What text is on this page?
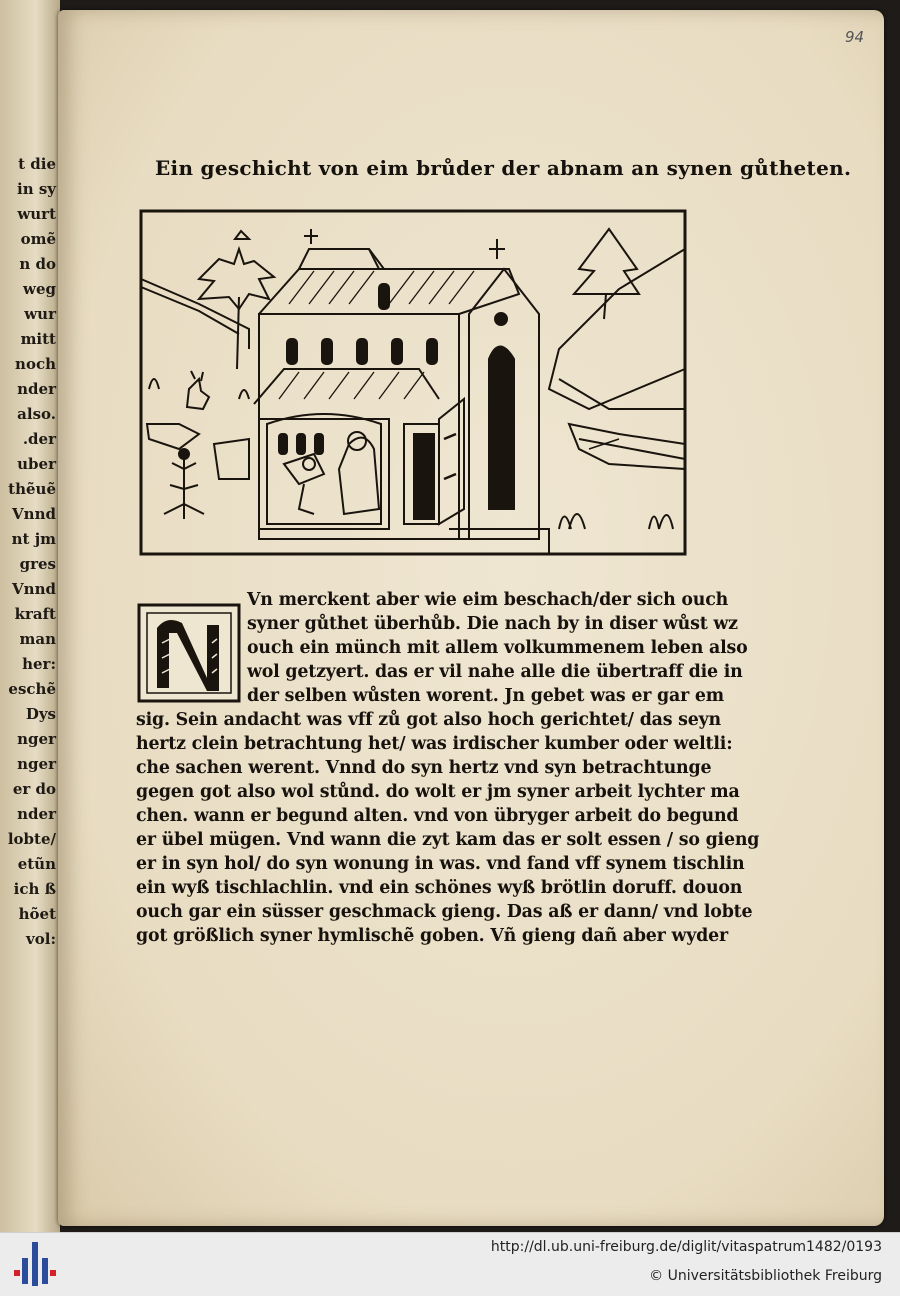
t die
in sy
wurt
omẽ
n do
weg
wur
mitt
noch
nder
also.
.der
uber
thẽuẽ
Vnnd
nt jm
gres
Vnnd
kraft
man
her:
eschẽ
Dys
nger
nger
er do
nder
lobte/
etũn
ich ß
hõet
vol:
94
Ein geschicht von eim brůder der abnam an synen gůtheten.
Vn merckent aber wie eim beschach/der sich ouch
syner gůthet überhůb. Die nach by in diser wůst wz
ouch ein münch mit allem volkummenem leben also
wol getzyert. das er vil nahe alle die übertraff die in
der selben wůsten worent. Jn gebet was er gar em
sig. Sein andacht was vff zů got also hoch gerichtet/ das seyn
hertz clein betrachtung het/ was irdischer kumber oder weltli:
che sachen werent. Vnnd do syn hertz vnd syn betrachtunge
gegen got also wol stůnd. do wolt er jm syner arbeit lychter ma
chen. wann er begund alten. vnd von übryger arbeit do begund
er übel mügen. Vnd wann die zyt kam das er solt essen / so gieng
er in syn hol/ do syn wonung in was. vnd fand vff synem tischlin
ein wyß tischlachlin. vnd ein schönes wyß brötlin doruff. douon
ouch gar ein süsser geschmack gieng. Das aß er dann/ vnd lobte
got größlich syner hymlischẽ goben. Vñ gieng dañ aber wyder
http://dl.ub.uni-freiburg.de/diglit/vitaspatrum1482/0193
© Universitätsbibliothek Freiburg
